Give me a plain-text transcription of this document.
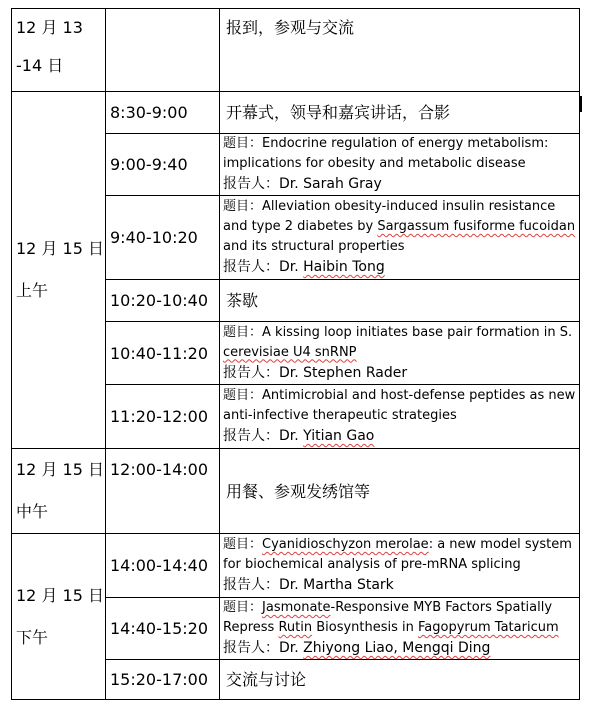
12 月 13
-14 日		报到，参观与交流

12 月 15 日
上午	8:30-9:00	开幕式，领导和嘉宾讲话，合影
	9:00-9:40	题目：Endocrine regulation of energy metabolism: implications for obesity and metabolic disease
报告人：Dr. Sarah Gray
	9:40-10:20	题目：Alleviation obesity-induced insulin resistance and type 2 diabetes by Sargassum fusiforme fucoidan and its structural properties
报告人：Dr. Haibin Tong
	10:20-10:40	茶歇
	10:40-11:20	题目：A kissing loop initiates base pair formation in S. cerevisiae U4 snRNP
报告人：Dr. Stephen Rader
	11:20-12:00	题目：Antimicrobial and host-defense peptides as new anti-infective therapeutic strategies
报告人：Dr. Yitian Gao

12 月 15 日
中午	12:00-14:00	用餐、参观发绣馆等

12 月 15 日
下午	14:00-14:40	题目：Cyanidioschyzon merolae: a new model system for biochemical analysis of pre-mRNA splicing
报告人：Dr. Martha Stark
	14:40-15:20	题目：Jasmonate-Responsive MYB Factors Spatially Repress Rutin Biosynthesis in Fagopyrum Tataricum
报告人：Dr. Zhiyong Liao, Mengqi Ding
	15:20-17:00	交流与讨论
